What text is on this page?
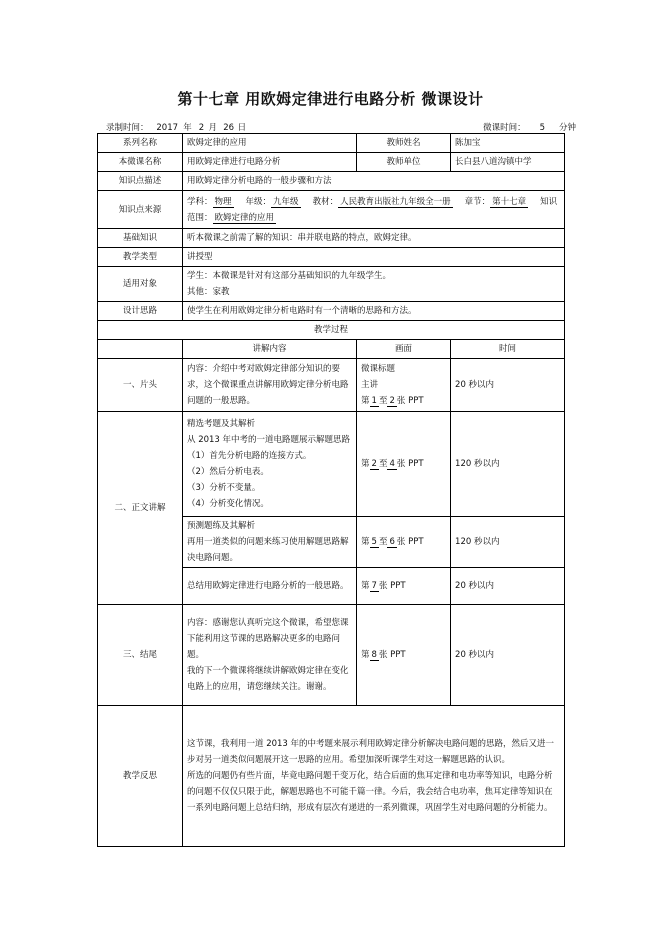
第十七章 用欧姆定律进行电路分析 微课设计
录制时间： 2017 年 2 月 26 日	微课时间： 5 分钟
系列名称	欧姆定律的应用	教师姓名	陈加宝
本微课名称	用欧姆定律进行电路分析	教师单位	长白县八道沟镇中学
知识点描述	用欧姆定律分析电路的一般步骤和方法		
知识点来源	学科： 物理 年级： 九年级 教材： 人民教育出版社九年级全一册 章节： 第十七章 知识范围： 欧姆定律的应用		
基础知识	听本微课之前需了解的知识：串并联电路的特点，欧姆定律。		
教学类型	讲授型		
适用对象	学生：本微课是针对有这部分基础知识的九年级学生。
其他：家教		

设计思路	使学生在利用欧姆定律分析电路时有一个清晰的思路和方法。		
教学过程			
	讲解内容	画面	时间
一、片头	内容：介绍中考对欧姆定律部分知识的要求，这个微课重点讲解用欧姆定律分析电路问题的一般思路。	微课标题
主讲
第 1 至 2 张 PPT	20 秒以内
二、正文讲解	精选考题及其解析
从 2013 年中考的一道电路题展示解题思路（1）首先分析电路的连接方式。
（2）然后分析电表。
（3）分析不变量。
（4）分析变化情况。	第 2 至 4 张 PPT	120 秒以内

	预测题练及其解析
再用一道类似的问题来练习使用解题思路解决电路问题。	第 5 至 6 张 PPT	120 秒以内
	总结用欧姆定律进行电路分析的一般思路。	第 7 张 PPT	20 秒以内
三、结尾	内容：感谢您认真听完这个微课，希望您课下能利用这节课的思路解决更多的电路问题。
我的下一个微课将继续讲解欧姆定律在变化电路上的应用，请您继续关注。谢谢。	第 8 张 PPT	20 秒以内
教学反思	这节课，我利用一道 2013 年的中考题来展示利用欧姆定律分析解决电路问题的思路，然后又进一步对另一道类似问题展开这一思路的应用。希望加深听课学生对这一解题思路的认识。
所选的问题仍有些片面，毕竟电路问题千变万化，结合后面的焦耳定律和电功率等知识，电路分析的问题不仅仅只限于此，解题思路也不可能千篇一律。今后，我会结合电功率，焦耳定律等知识在一系列电路问题上总结归纳，形成有层次有递进的一系列微课，巩固学生对电路问题的分析能力。		
